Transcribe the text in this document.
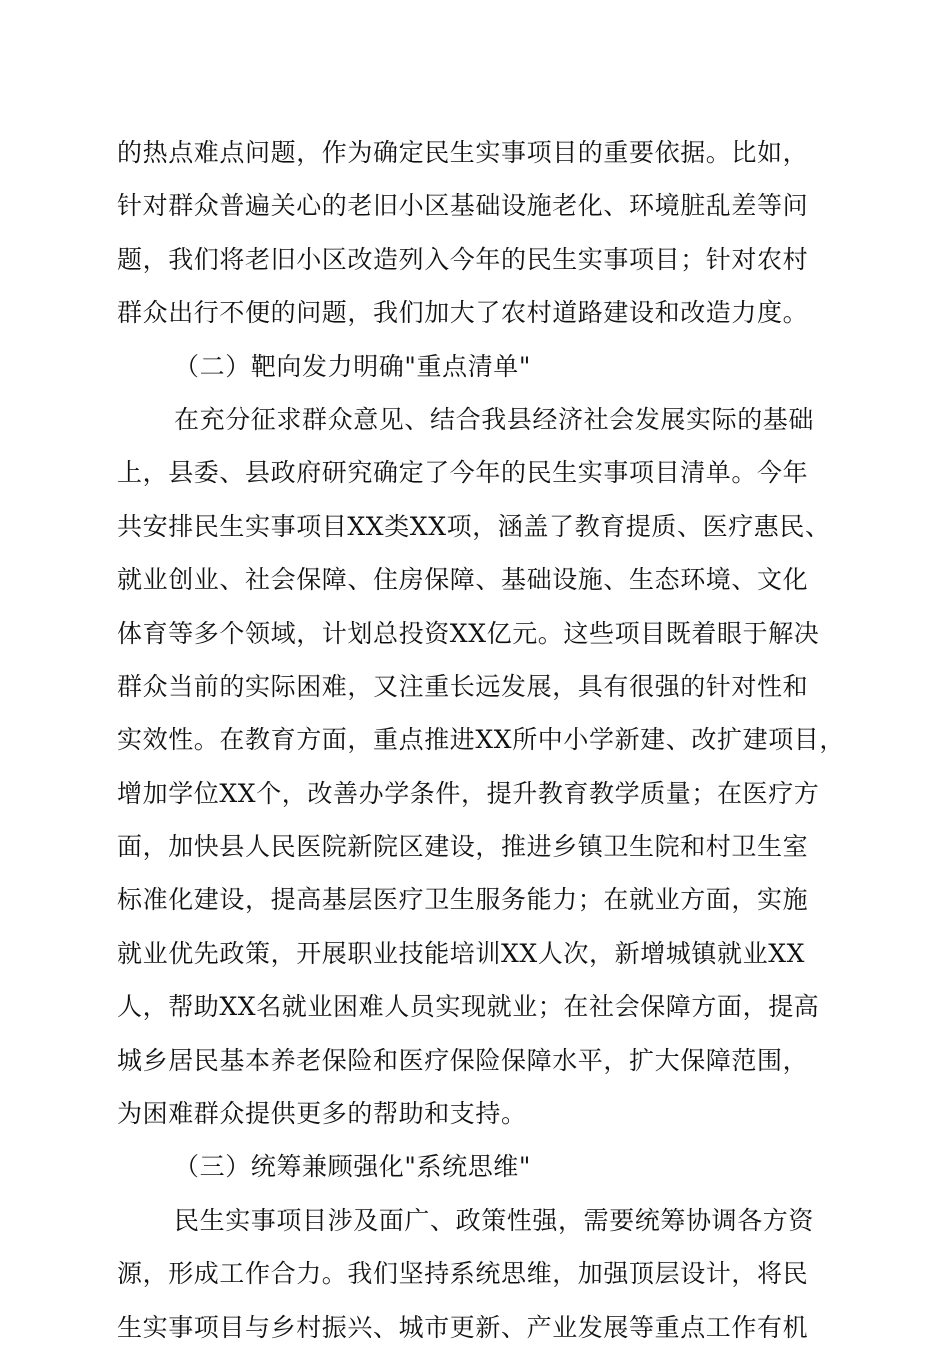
的热点难点问题，作为确定民生实事项目的重要依据。比如，
针对群众普遍关心的老旧小区基础设施老化、环境脏乱差等问
题，我们将老旧小区改造列入今年的民生实事项目；针对农村
群众出行不便的问题，我们加大了农村道路建设和改造力度。
（二）靶向发力明确"重点清单"
在充分征求群众意见、结合我县经济社会发展实际的基础
上，县委、县政府研究确定了今年的民生实事项目清单。今年
共安排民生实事项目XX类XX项，涵盖了教育提质、医疗惠民、
就业创业、社会保障、住房保障、基础设施、生态环境、文化
体育等多个领域，计划总投资XX亿元。这些项目既着眼于解决
群众当前的实际困难，又注重长远发展，具有很强的针对性和
实效性。在教育方面，重点推进XX所中小学新建、改扩建项目，
增加学位XX个，改善办学条件，提升教育教学质量；在医疗方
面，加快县人民医院新院区建设，推进乡镇卫生院和村卫生室
标准化建设，提高基层医疗卫生服务能力；在就业方面，实施
就业优先政策，开展职业技能培训XX人次，新增城镇就业XX
人，帮助XX名就业困难人员实现就业；在社会保障方面，提高
城乡居民基本养老保险和医疗保险保障水平，扩大保障范围，
为困难群众提供更多的帮助和支持。
（三）统筹兼顾强化"系统思维"
民生实事项目涉及面广、政策性强，需要统筹协调各方资
源，形成工作合力。我们坚持系统思维，加强顶层设计，将民
生实事项目与乡村振兴、城市更新、产业发展等重点工作有机
